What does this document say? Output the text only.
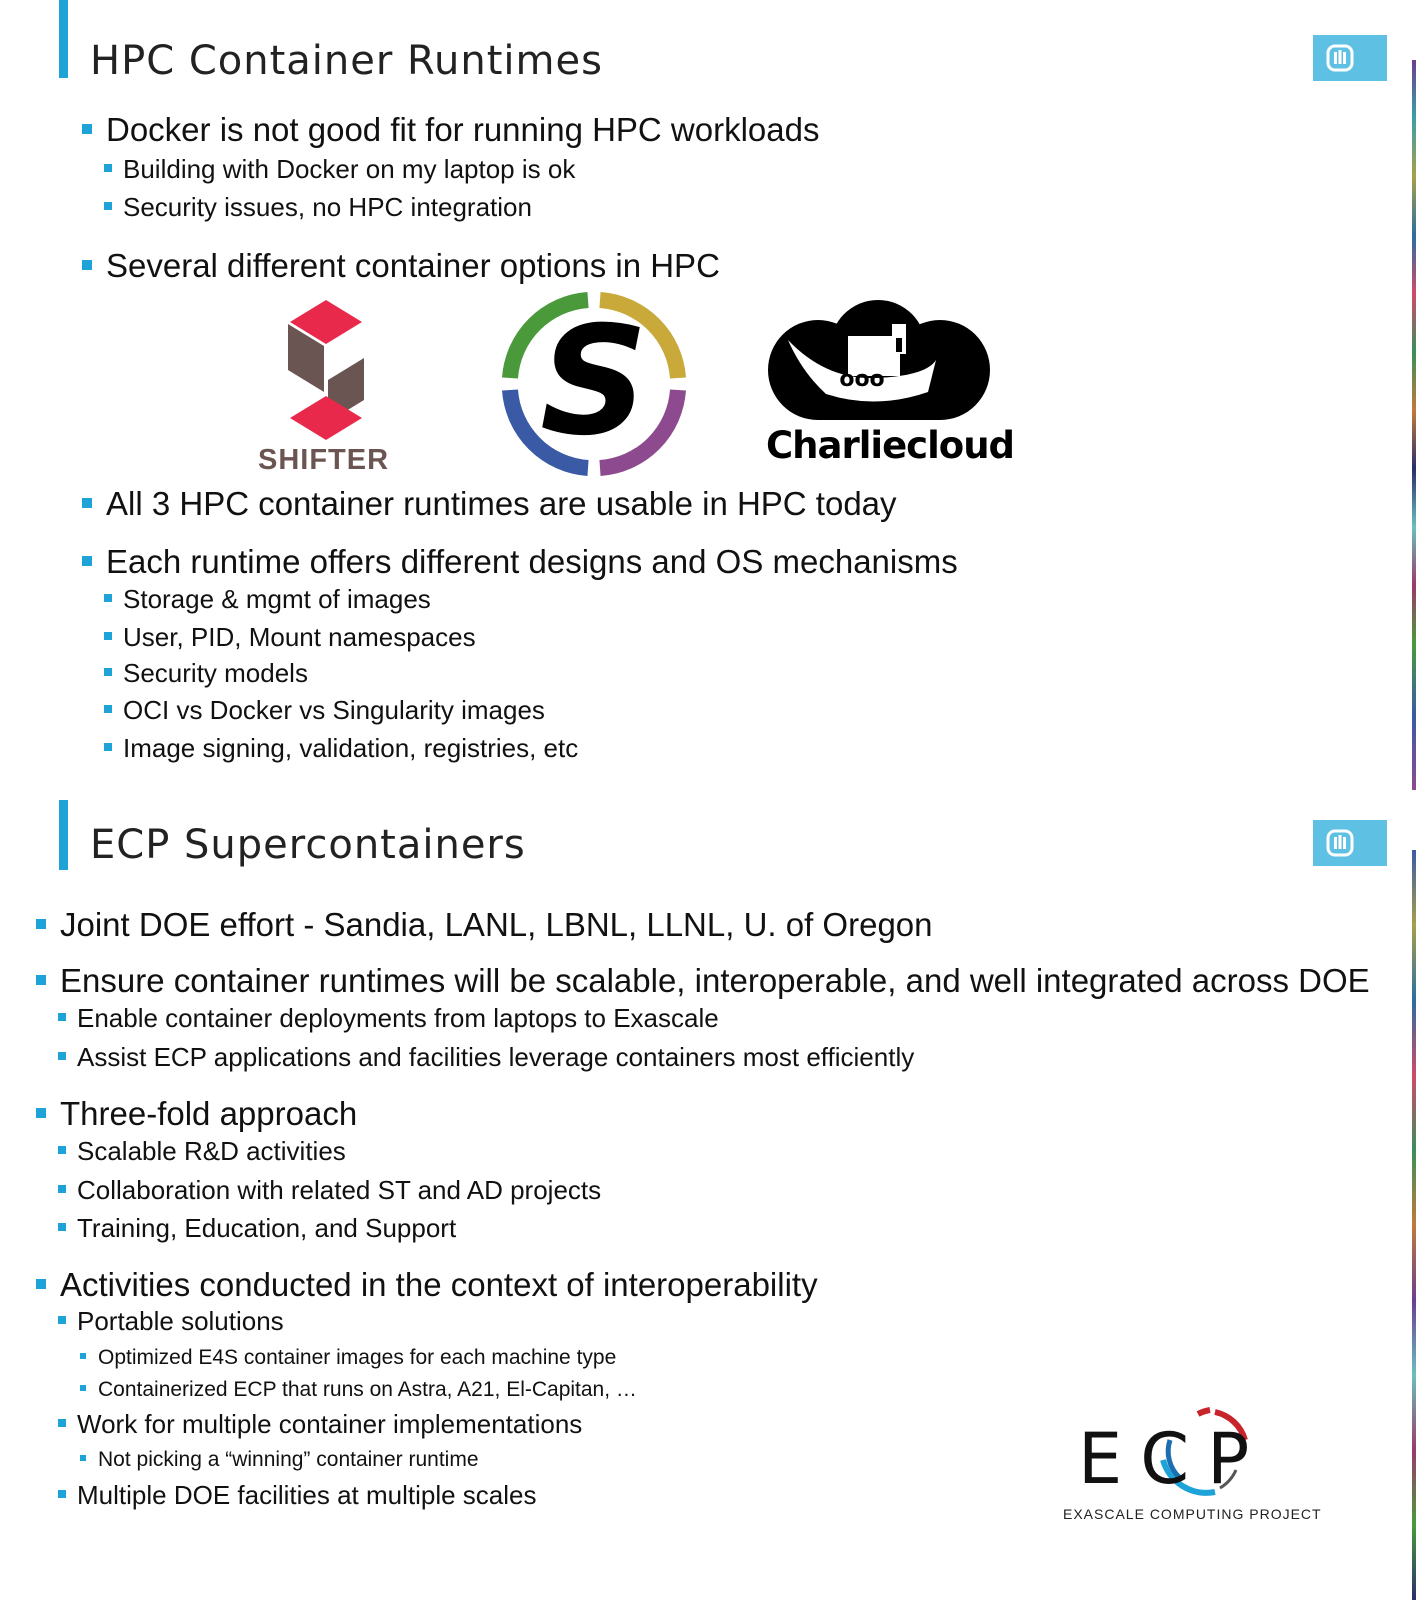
HPC Container Runtimes
Docker is not good fit for running HPC workloads
Building with Docker on my laptop is ok
Security issues, no HPC integration
Several different container options in HPC
SHIFTER S	ooo
Charliecloud
All 3 HPC container runtimes are usable in HPC today
Each runtime offers different designs and OS mechanisms
Storage & mgmt of images
User, PID, Mount namespaces
Security models
OCI vs Docker vs Singularity images
Image signing, validation, registries, etc
ECP Supercontainers
Joint DOE effort - Sandia, LANL, LBNL, LLNL, U. of Oregon
Ensure container runtimes will be scalable, interoperable, and well integrated across DOE
Enable container deployments from laptops to Exascale
Assist ECP applications and facilities leverage containers most efficiently
Three-fold approach
Scalable R&D activities
Collaboration with related ST and AD projects
Training, Education, and Support
Activities conducted in the context of interoperability
Portable solutions
Optimized E4S container images for each machine type
Containerized ECP that runs on Astra, A21, El-Capitan, …
Work for multiple container implementations
Not picking a “winning” container runtime
Multiple DOE facilities at multiple scales	ECP
EXASCALE COMPUTING PROJECT
